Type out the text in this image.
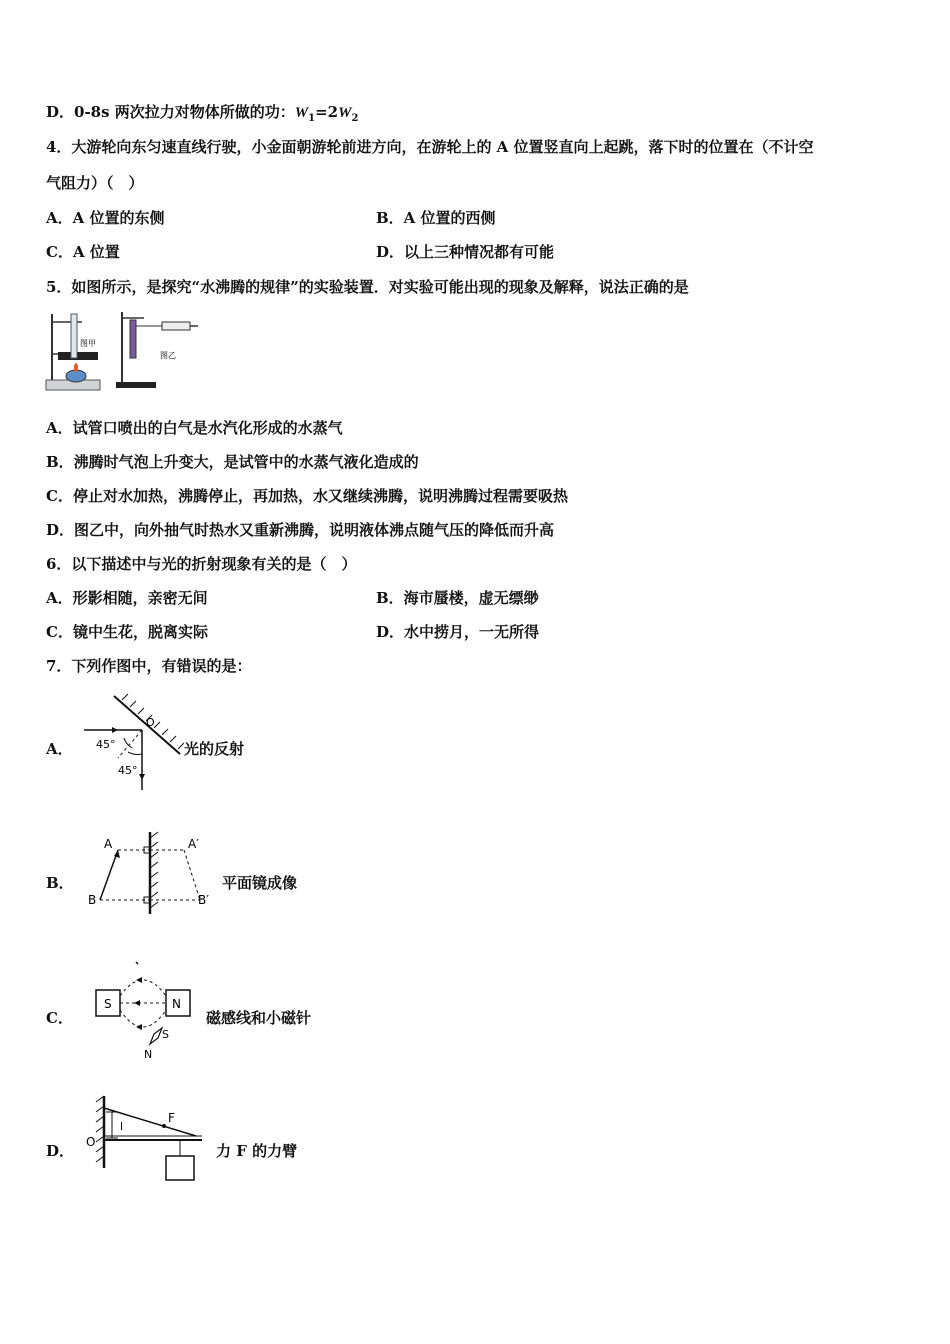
D．0-8s 两次拉力对物体所做的功：$W_1=2W_2$
4．大游轮向东匀速直线行驶，小金面朝游轮前进方向，在游轮上的 A 位置竖直向上起跳，落下时的位置在（不计空
气阻力）（　）
A．A 位置的东侧	B．A 位置的西侧
C．A 位置	D．以上三种情况都有可能
5．如图所示，是探究“水沸腾的规律”的实验装置．对实验可能出现的现象及解释，说法正确的是
图甲
图乙
A．试管口喷出的白气是水汽化形成的水蒸气
B．沸腾时气泡上升变大，是试管中的水蒸气液化造成的
C．停止对水加热，沸腾停止，再加热，水又继续沸腾，说明沸腾过程需要吸热
D．图乙中，向外抽气时热水又重新沸腾，说明液体沸点随气压的降低而升高
6．以下描述中与光的折射现象有关的是（　）
A．形影相随，亲密无间	B．海市蜃楼，虚无缥缈
C．镜中生花，脱离实际	D．水中捞月，一无所得
7．下列作图中，有错误的是：
A． 45°
45°
O
光的反射
B．
A	A′
B	B′
平面镜成像
C．
S	N
S
N
磁感线和小磁针
D． O
F
l
力 F 的力臂
